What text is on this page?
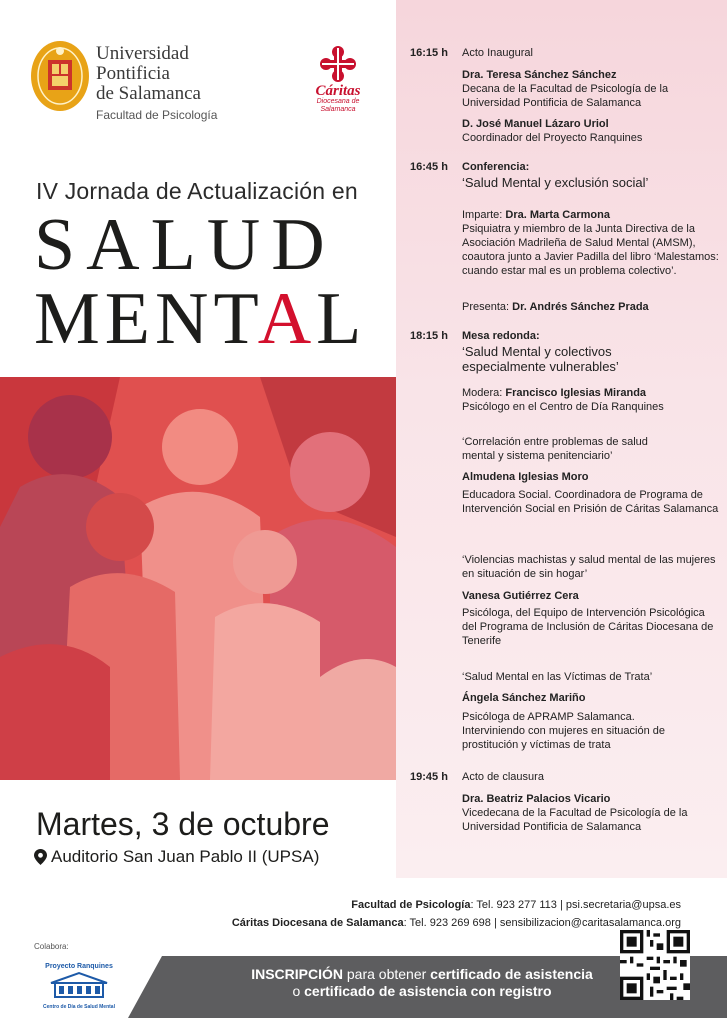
Universidad
Pontificia
de Salamanca
Facultad de Psicología
Cáritas
Diocesana de
Salamanca
IV Jornada de Actualización en
SALUD
MENTAL
Martes, 3 de octubre
Auditorio San Juan Pablo II (UPSA)
16:15 h Acto Inaugural
Dra. Teresa Sánchez Sánchez
Decana de la Facultad de Psicología de la Universidad Pontificia de Salamanca
D. José Manuel Lázaro Uriol
Coordinador del Proyecto Ranquines
16:45 h Conferencia:
‘Salud Mental y exclusión social’
Imparte: Dra. Marta Carmona
Psiquiatra y miembro de la Junta Directiva de la Asociación Madrileña de Salud Mental (AMSM), coautora junto a Javier Padilla del libro ‘Malestamos: cuando estar mal es un problema colectivo’.
Presenta: Dr. Andrés Sánchez Prada
18:15 h Mesa redonda:
‘Salud Mental y colectivos especialmente vulnerables’
Modera: Francisco Iglesias Miranda
Psicólogo en el Centro de Día Ranquines
‘Correlación entre problemas de salud mental y sistema penitenciario’
Almudena Iglesias Moro
Educadora Social. Coordinadora de Programa de Intervención Social en Prisión de Cáritas Salamanca
‘Violencias machistas y salud mental de las mujeres en situación de sin hogar’
Vanesa Gutiérrez Cera
Psicóloga, del Equipo de Intervención Psicológica del Programa de Inclusión de Cáritas Diocesana de Tenerife
‘Salud Mental en las Víctimas de Trata’
Ángela Sánchez Mariño
Psicóloga de APRAMP Salamanca. Interviniendo con mujeres en situación de prostitución y víctimas de trata
19:45 h Acto de clausura
Dra. Beatriz Palacios Vicario
Vicedecana de la Facultad de Psicología de la Universidad Pontificia de Salamanca
Facultad de Psicología: Tel. 923 277 113 | psi.secretaria@upsa.es
Cáritas Diocesana de Salamanca: Tel. 923 269 698 | sensibilizacion@caritasalamanca.org
Colabora:
Proyecto Ranquines
Centro de Día de Salud Mental
INSCRIPCIÓN para obtener certificado de asistencia
o certificado de asistencia con registro
